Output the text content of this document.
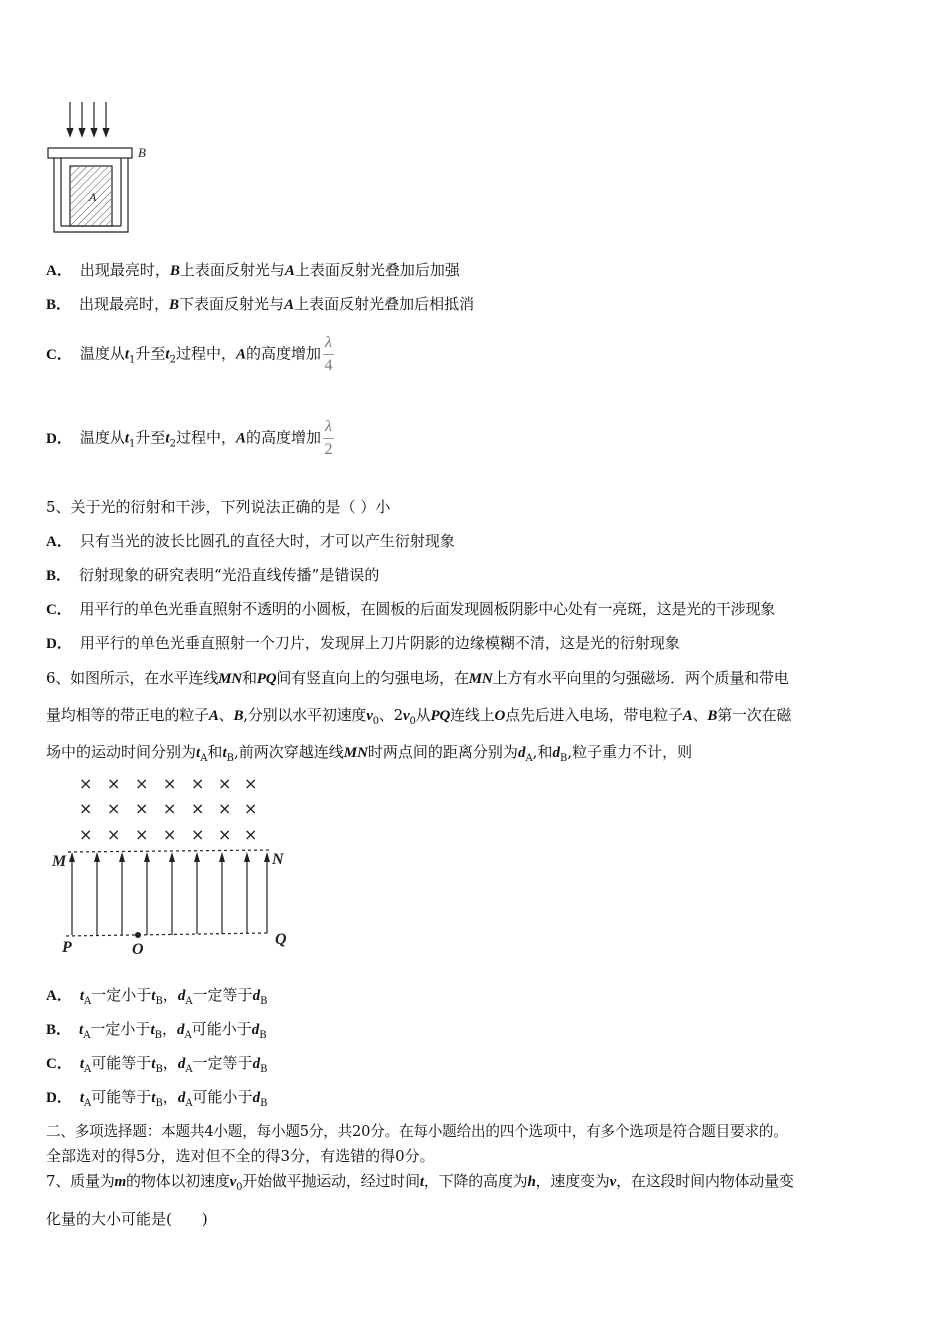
B
A
A． 出现最亮时，B上表面反射光与A上表面反射光叠加后加强
B． 出现最亮时，B下表面反射光与A上表面反射光叠加后相抵消
C． 温度从$t_1$升至$t_2$过程中，A的高度增加 $\frac{\lambda}{4}$
D． 温度从$t_1$升至$t_2$过程中，A的高度增加 $\frac{\lambda}{2}$
5、关于光的衍射和干涉，下列说法正确的是（ ）小
A． 只有当光的波长比圆孔的直径大时，才可以产生衍射现象
B． 衍射现象的研究表明“光沿直线传播”是错误的
C． 用平行的单色光垂直照射不透明的小圆板，在圆板的后面发现圆板阴影中心处有一亮斑，这是光的干涉现象
D． 用平行的单色光垂直照射一个刀片，发现屏上刀片阴影的边缘模糊不清，这是光的衍射现象
6、如图所示，在水平连线MN和PQ间有竖直向上的匀强电场，在MN上方有水平向里的匀强磁场．两个质量和带电
量均相等的带正电的粒子A、B,分别以水平初速度$v_0$、$2v_0$从PQ连线上O点先后进入电场，带电粒子A、B第一次在磁
场中的运动时间分别为$t_A$和$t_B$,前两次穿越连线MN时两点间的距离分别为$d_A$,和$d_B$,粒子重力不计，则
× × × × × × ×
× × × × × × ×
× × × × × × ×
M	N
P	O
Q
A． $t_A$一定小于$t_B$，$d_A$一定等于$d_B$
B． $t_A$一定小于$t_B$，$d_A$可能小于$d_B$
C． $t_A$可能等于$t_B$，$d_A$一定等于$d_B$
D． $t_A$可能等于$t_B$，$d_A$可能小于$d_B$
二、多项选择题：本题共4小题，每小题5分，共20分。在每小题给出的四个选项中，有多个选项是符合题目要求的。
全部选对的得5分，选对但不全的得3分，有选错的得0分。
7、质量为m的物体以初速度$v_0$开始做平抛运动，经过时间t，下降的高度为h，速度变为v，在这段时间内物体动量变
化量的大小可能是(　　)
